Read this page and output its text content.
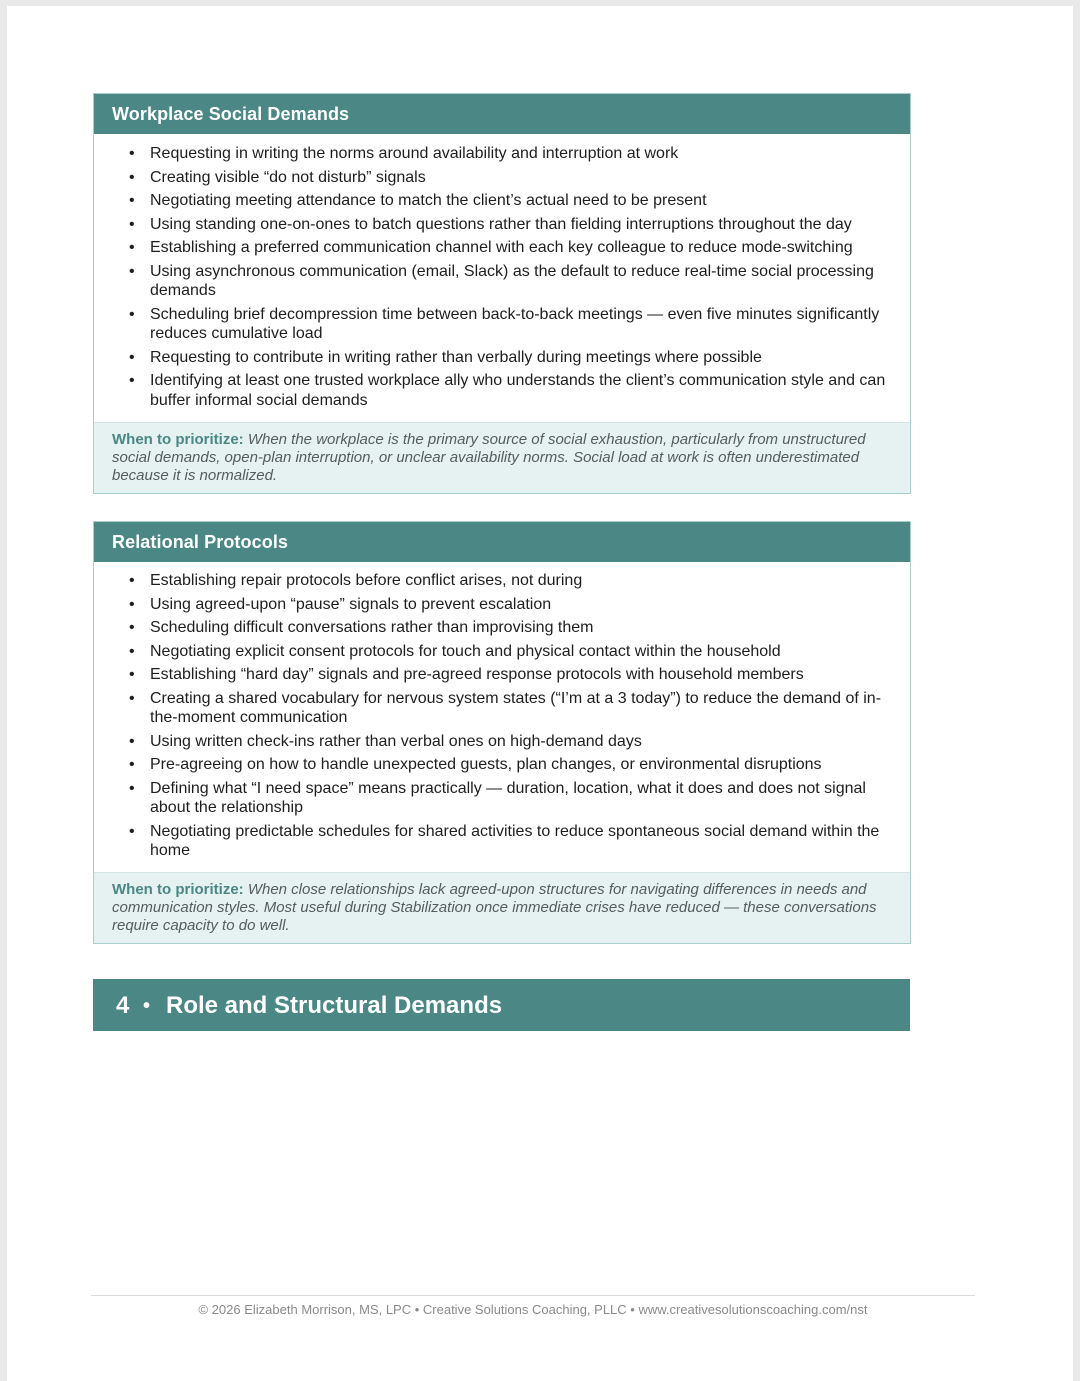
Workplace Social Demands
• Requesting in writing the norms around availability and interruption at work
• Creating visible “do not disturb” signals
• Negotiating meeting attendance to match the client’s actual need to be present
• Using standing one-on-ones to batch questions rather than fielding interruptions throughout the day
• Establishing a preferred communication channel with each key colleague to reduce mode-switching
• Using asynchronous communication (email, Slack) as the default to reduce real-time social processing demands
• Scheduling brief decompression time between back-to-back meetings — even five minutes significantly reduces cumulative load
• Requesting to contribute in writing rather than verbally during meetings where possible
• Identifying at least one trusted workplace ally who understands the client’s communication style and can buffer informal social demands
When to prioritize: When the workplace is the primary source of social exhaustion, particularly from unstructured social demands, open-plan interruption, or unclear availability norms. Social load at work is often underestimated because it is normalized.
Relational Protocols
• Establishing repair protocols before conflict arises, not during
• Using agreed-upon “pause” signals to prevent escalation
• Scheduling difficult conversations rather than improvising them
• Negotiating explicit consent protocols for touch and physical contact within the household
• Establishing “hard day” signals and pre-agreed response protocols with household members
• Creating a shared vocabulary for nervous system states (“I’m at a 3 today”) to reduce the demand of in-the-moment communication
• Using written check-ins rather than verbal ones on high-demand days
• Pre-agreeing on how to handle unexpected guests, plan changes, or environmental disruptions
• Defining what “I need space” means practically — duration, location, what it does and does not signal about the relationship
• Negotiating predictable schedules for shared activities to reduce spontaneous social demand within the home
When to prioritize: When close relationships lack agreed-upon structures for navigating differences in needs and communication styles. Most useful during Stabilization once immediate crises have reduced — these conversations require capacity to do well.
4 • Role and Structural Demands
© 2026 Elizabeth Morrison, MS, LPC • Creative Solutions Coaching, PLLC • www.creativesolutionscoaching.com/nst
